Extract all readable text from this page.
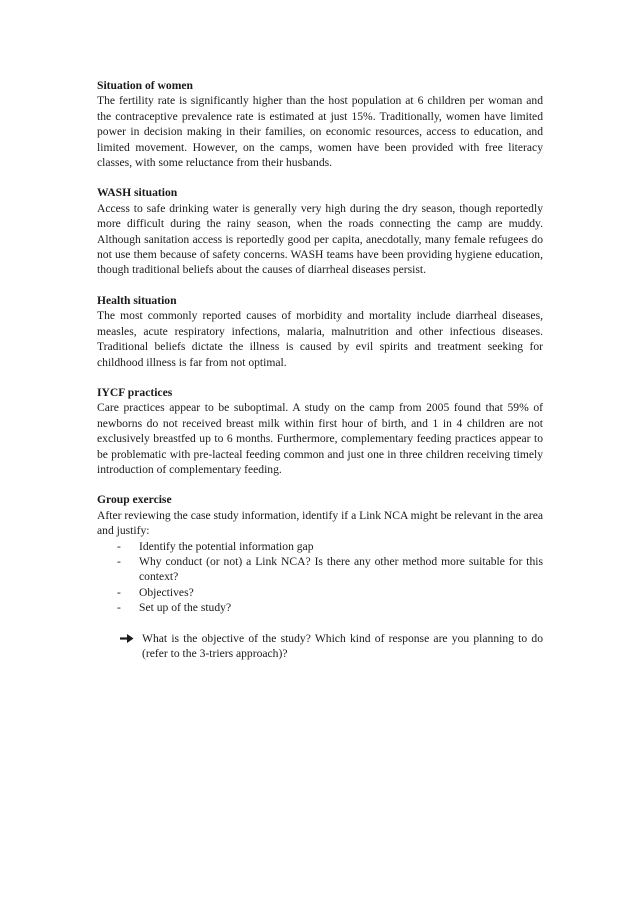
Situation of women

The fertility rate is significantly higher than the host population at 6 children per woman and the contraceptive prevalence rate is estimated at just 15%. Traditionally, women have limited power in decision making in their families, on economic resources, access to education, and limited movement. However, on the camps, women have been provided with free literacy classes, with some reluctance from their husbands.

WASH situation

Access to safe drinking water is generally very high during the dry season, though reportedly more difficult during the rainy season, when the roads connecting the camp are muddy. Although sanitation access is reportedly good per capita, anecdotally, many female refugees do not use them because of safety concerns. WASH teams have been providing hygiene education, though traditional beliefs about the causes of diarrheal diseases persist.

Health situation

The most commonly reported causes of morbidity and mortality include diarrheal diseases, measles, acute respiratory infections, malaria, malnutrition and other infectious diseases. Traditional beliefs dictate the illness is caused by evil spirits and treatment seeking for childhood illness is far from not optimal.

IYCF practices

Care practices appear to be suboptimal. A study on the camp from 2005 found that 59% of newborns do not received breast milk within first hour of birth, and 1 in 4 children are not exclusively breastfed up to 6 months. Furthermore, complementary feeding practices appear to be problematic with pre-lacteal feeding common and just one in three children receiving timely introduction of complementary feeding.

Group exercise

After reviewing the case study information, identify if a Link NCA might be relevant in the area and justify:

-	Identify the potential information gap
-	Why conduct (or not) a Link NCA? Is there any other method more suitable for this context?
-	Objectives?
-	Set up of the study?
What is the objective of the study? Which kind of response are you planning to do (refer to the 3-triers approach)?
